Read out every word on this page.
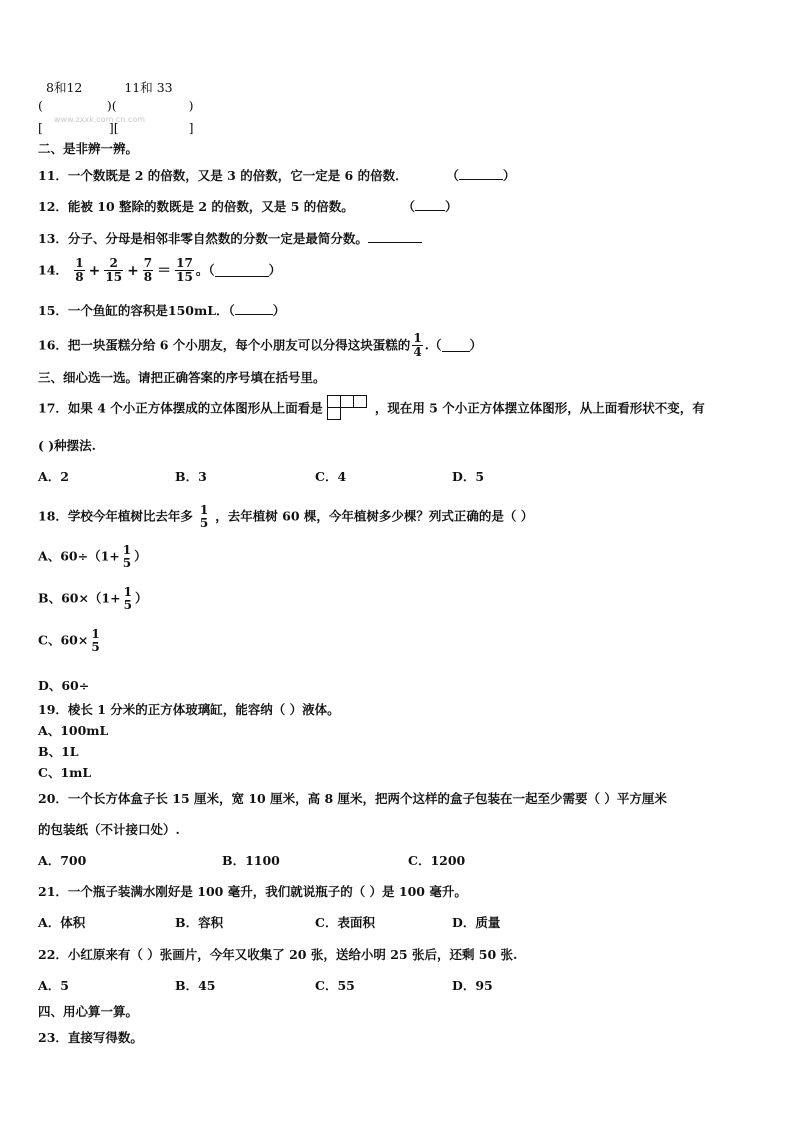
8和12	11和 33
(	)(	)
www.zxxk.com cn.com
[	][	]
二、是非辨一辨。
11．一个数既是 2 的倍数，又是 3 的倍数，它一定是 6 的倍数．	（	）
12．能被 10 整除的数既是 2 的倍数，又是 5 的倍数。	（ ）
13．分子、分母是相邻非零自然数的分数一定是最简分数。
14． $\frac{1}{8} + \frac{2}{15} + \frac{7}{8} = \frac{17}{15}$ 。（	）
15．一个鱼缸的容积是150mL．（	）
16．把一块蛋糕分给 6 个小朋友，每个小朋友可以分得这块蛋糕的 $\frac{1}{4}$ .（ ）
三、细心选一选。请把正确答案的序号填在括号里。
17．如果 4 个小正方体摆成的立体图形从上面看是	，现在用 5 个小正方体摆立体图形，从上面看形状不变，有
( )种摆法.
A．2	B．3	C．4	D．5
18．学校今年植树比去年多 1
5 ，去年植树 60 棵，今年植树多少棵？列式正确的是（ ）
A、60÷（1+ 1
5 ）
B、60×（1+ 1
5 ）
C、60× 1
5
D、60÷
19．棱长 1 分米的正方体玻璃缸，能容纳（ ）液体。
A、100mL
B、1L
C、1mL
20．一个长方体盒子长 15 厘米，宽 10 厘米，高 8 厘米，把两个这样的盒子包装在一起至少需要（ ）平方厘米
的包装纸（不计接口处）.
A．700	B．1100	C．1200
21．一个瓶子装满水刚好是 100 毫升，我们就说瓶子的（ ）是 100 毫升。
A．体积	B．容积	C．表面积	D．质量
22．小红原来有（ ）张画片，今年又收集了 20 张，送给小明 25 张后，还剩 50 张.
A．5	B．45	C．55	D．95
四、用心算一算。
23．直接写得数。
